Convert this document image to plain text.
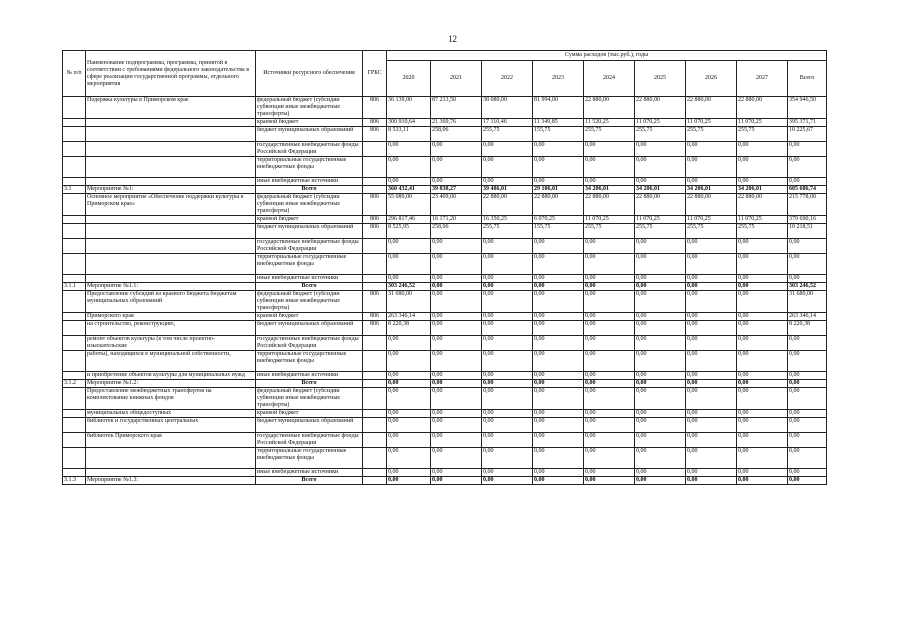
12
№ п/п	Наименование подпрограммы, программы, принятой в соответствии с требованиями федерального законодательства в сфере реализации государственной программы, отдельного мероприятия	Источники ресурсного обеспечения	ГРБС	Сумма расходов (тыс.руб.), годы								
				2020	2021	2022	2023	2024	2025	2026	2027	Всего
	Подержка культуры в Приморском крае	федеральный бюджет (субсидии субвенции иные межбюджетные трансферты)	806	36 139,00	87 213,50	38 080,00	81 994,00	22 880,00	22 880,00	22 880,00	22 880,00	354 946,50
		краевой бюджет	806	300 910,64	21 369,76	17 110,46	11 349,85	11 520,25	11 070,25	11 070,25	11 070,25	395 371,71
		бюджет муниципальных образований	806	8 533,11	258,06	255,75	155,75	255,75	255,75	255,75	255,75	10 225,67
		государственные внебюджетные фонды Российской Федерации		0,00	0,00	0,00	0,00	0,00	0,00	0,00	0,00	0,00
		территориальные государственные внебюджетные фонды		0,00	0,00	0,00	0,00	0,00	0,00	0,00	0,00	0,00
		иные внебюджетные источники		0,00	0,00	0,00	0,00	0,00	0,00	0,00	0,00	0,00
3.1	Мероприятие №1:	Всего		360 432,41	39 838,27	39 486,01	29 106,01	34 206,01	34 206,01	34 206,01	34 206,01	605 686,74
	Основное мероприятие «Обеспечение поддержки культуры в Приморском крае»	федеральный бюджет (субсидии субвенции иные межбюджетные трансферты)	806	55 089,00	23 409,00	22 880,00	22 880,00	22 880,00	22 880,00	22 880,00	22 880,00	215 778,00
		краевой бюджет	806	296 817,46	16 171,20	16 350,25	6 070,25	11 070,25	11 070,25	11 070,25	11 070,25	379 690,16
		бюджет муниципальных образований	806	8 525,95	258,06	255,75	155,75	255,75	255,75	255,75	255,75	10 218,51
		государственные внебюджетные фонды Российской Федерации		0,00	0,00	0,00	0,00	0,00	0,00	0,00	0,00	0,00
		территориальные государственные внебюджетные фонды		0,00	0,00	0,00	0,00	0,00	0,00	0,00	0,00	0,00
		иные внебюджетные источники		0,00	0,00	0,00	0,00	0,00	0,00	0,00	0,00	0,00
3.1.1	Мероприятие №1.1:	Всего		303 246,52	0,00	0,00	0,00	0,00	0,00	0,00	0,00	303 246,52
	Предоставление субсидий из краевого бюджета бюджетам муниципальных образований	федеральный бюджет (субсидии субвенции иные межбюджетные трансферты)	806	31 680,00	0,00	0,00	0,00	0,00	0,00	0,00	0,00	31 680,00
	Приморского края	краевой бюджет	806	263 346,14	0,00	0,00	0,00	0,00	0,00	0,00	0,00	263 346,14
	на строительство, реконструкцию,	бюджет муниципальных образований	806	8 220,38	0,00	0,00	0,00	0,00	0,00	0,00	0,00	8 220,38
	ремонт объектов культуры (в том числе проектно-изыскательские	государственные внебюджетные фонды Российской Федерации		0,00	0,00	0,00	0,00	0,00	0,00	0,00	0,00	0,00
	работы), находящихся в муниципальной собственности,	территориальные государственные внебюджетные фонды		0,00	0,00	0,00	0,00	0,00	0,00	0,00	0,00	0,00
	и приобретение объектов культуры для муниципальных нужд	иные внебюджетные источники		0,00	0,00	0,00	0,00	0,00	0,00	0,00	0,00	0,00
3.1.2	Мероприятие №1.2:	Всего		0,00	0,00	0,00	0,00	0,00	0,00	0,00	0,00	0,00
	Предоставление межбюджетных трансфертов на комплектование книжных фондов	федеральный бюджет (субсидии субвенции иные межбюджетные трансферты)		0,00	0,00	0,00	0,00	0,00	0,00	0,00	0,00	0,00
	муниципальных общедоступных	краевой бюджет		0,00	0,00	0,00	0,00	0,00	0,00	0,00	0,00	0,00
	библиотек и государственных центральных	бюджет муниципальных образований		0,00	0,00	0,00	0,00	0,00	0,00	0,00	0,00	0,00
	библиотек Приморского края	государственные внебюджетные фонды Российской Федерации		0,00	0,00	0,00	0,00	0,00	0,00	0,00	0,00	0,00
		территориальные государственные внебюджетные фонды		0,00	0,00	0,00	0,00	0,00	0,00	0,00	0,00	0,00
		иные внебюджетные источники		0,00	0,00	0,00	0,00	0,00	0,00	0,00	0,00	0,00
3.1.3	Мероприятие №1.3:	Всего		0,00	0,00	0,00	0,00	0,00	0,00	0,00	0,00	0,00
